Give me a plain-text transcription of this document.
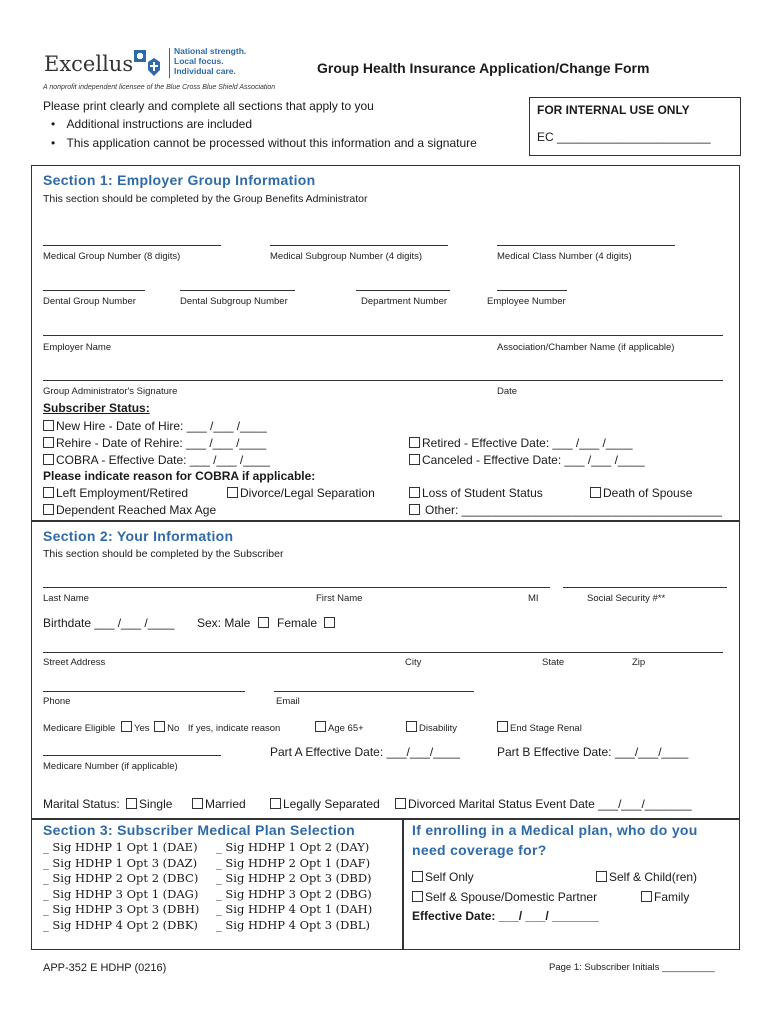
Excellus
National strength.
Local focus.
Individual care.
A nonprofit independent licensee of the Blue Cross Blue Shield Association
Group Health Insurance Application/Change Form
Please print clearly and complete all sections that apply to you
• Additional instructions are included
• This application cannot be processed without this information and a signature
FOR INTERNAL USE ONLY
EC _______________________
Section 1: Employer Group Information
This section should be completed by the Group Benefits Administrator
Medical Group Number (8 digits)	Medical Subgroup Number (4 digits)	Medical Class Number (4 digits)
Dental Group Number	Dental Subgroup Number	Department Number	Employee Number
Employer Name	Association/Chamber Name (if applicable)
Group Administrator's Signature	Date
Subscriber Status:
New Hire - Date of Hire: ___ /___ /____
Rehire - Date of Rehire: ___ /___ /____	Retired - Effective Date: ___ /___ /____
COBRA - Effective Date: ___ /___ /____	Canceled - Effective Date: ___ /___ /____
Please indicate reason for COBRA if applicable:
Left Employment/Retired	Divorce/Legal Separation	Loss of Student Status	Death of Spouse
Dependent Reached Max Age	Other: _______________________________________
Section 2: Your Information
This section should be completed by the Subscriber
Last Name	First Name	MI	Social Security #**
Birthdate ___ /___ /____ Sex: Male Female
Street Address	City	State	Zip
Phone	Email
Medicare Eligible Yes No If yes, indicate reason	Age 65+	Disability	End Stage Renal
Part A Effective Date: ___/___/____	Part B Effective Date: ___/___/____
Medicare Number (if applicable)
Marital Status: Single	Married	Legally Separated	Divorced Marital Status Event Date ___/___/_______
Section 3: Subscriber Medical Plan Selection
_ Sig HDHP 1 Opt 1 (DAE)
_ Sig HDHP 1 Opt 3 (DAZ)
_ Sig HDHP 2 Opt 2 (DBC)
_ Sig HDHP 3 Opt 1 (DAG)
_ Sig HDHP 3 Opt 3 (DBH)
_ Sig HDHP 4 Opt 2 (DBK)
_ Sig HDHP 1 Opt 2 (DAY)
_ Sig HDHP 2 Opt 1 (DAF)
_ Sig HDHP 2 Opt 3 (DBD)
_ Sig HDHP 3 Opt 2 (DBG)
_ Sig HDHP 4 Opt 1 (DAH)
_ Sig HDHP 4 Opt 3 (DBL)
If enrolling in a Medical plan, who do you
need coverage for?
Self Only	Self & Child(ren)
Self & Spouse/Domestic Partner	Family
Effective Date: ___/ ___/ _______
APP-352 E HDHP (0216)	Page 1: Subscriber Initials __________
